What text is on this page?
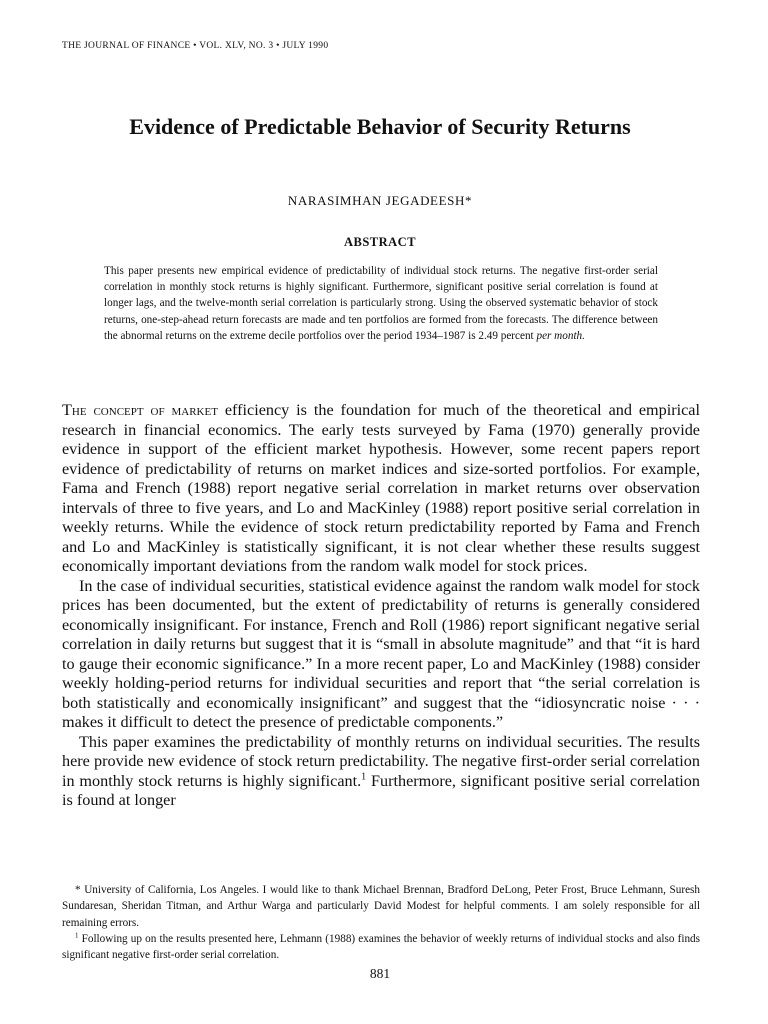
THE JOURNAL OF FINANCE • VOL. XLV, NO. 3 • JULY 1990
Evidence of Predictable Behavior of Security Returns
NARASIMHAN JEGADEESH*
ABSTRACT
This paper presents new empirical evidence of predictability of individual stock returns. The negative first-order serial correlation in monthly stock returns is highly significant. Furthermore, significant positive serial correlation is found at longer lags, and the twelve-month serial correlation is particularly strong. Using the observed systematic behavior of stock returns, one-step-ahead return forecasts are made and ten portfolios are formed from the forecasts. The difference between the abnormal returns on the extreme decile portfolios over the period 1934–1987 is 2.49 percent per month.

The concept of market efficiency is the foundation for much of the theoretical and empirical research in financial economics. The early tests surveyed by Fama (1970) generally provide evidence in support of the efficient market hypothesis. However, some recent papers report evidence of predictability of returns on market indices and size-sorted portfolios. For example, Fama and French (1988) report negative serial correlation in market returns over observation intervals of three to five years, and Lo and MacKinley (1988) report positive serial correlation in weekly returns. While the evidence of stock return predictability reported by Fama and French and Lo and MacKinley is statistically significant, it is not clear whether these results suggest economically important deviations from the random walk model for stock prices.

In the case of individual securities, statistical evidence against the random walk model for stock prices has been documented, but the extent of predictability of returns is generally considered economically insignificant. For instance, French and Roll (1986) report significant negative serial correlation in daily returns but suggest that it is “small in absolute magnitude” and that “it is hard to gauge their economic significance.” In a more recent paper, Lo and MacKinley (1988) consider weekly holding-period returns for individual securities and report that “the serial correlation is both statistically and economically insignificant” and suggest that the “idiosyncratic noise · · · makes it difficult to detect the presence of predictable components.”

This paper examines the predictability of monthly returns on individual securities. The results here provide new evidence of stock return predictability. The negative first-order serial correlation in monthly stock returns is highly significant.$^1$ Furthermore, significant positive serial correlation is found at longer

* University of California, Los Angeles. I would like to thank Michael Brennan, Bradford DeLong, Peter Frost, Bruce Lehmann, Suresh Sundaresan, Sheridan Titman, and Arthur Warga and particularly David Modest for helpful comments. I am solely responsible for all remaining errors.

$^1$ Following up on the results presented here, Lehmann (1988) examines the behavior of weekly returns of individual stocks and also finds significant negative first-order serial correlation.

881
